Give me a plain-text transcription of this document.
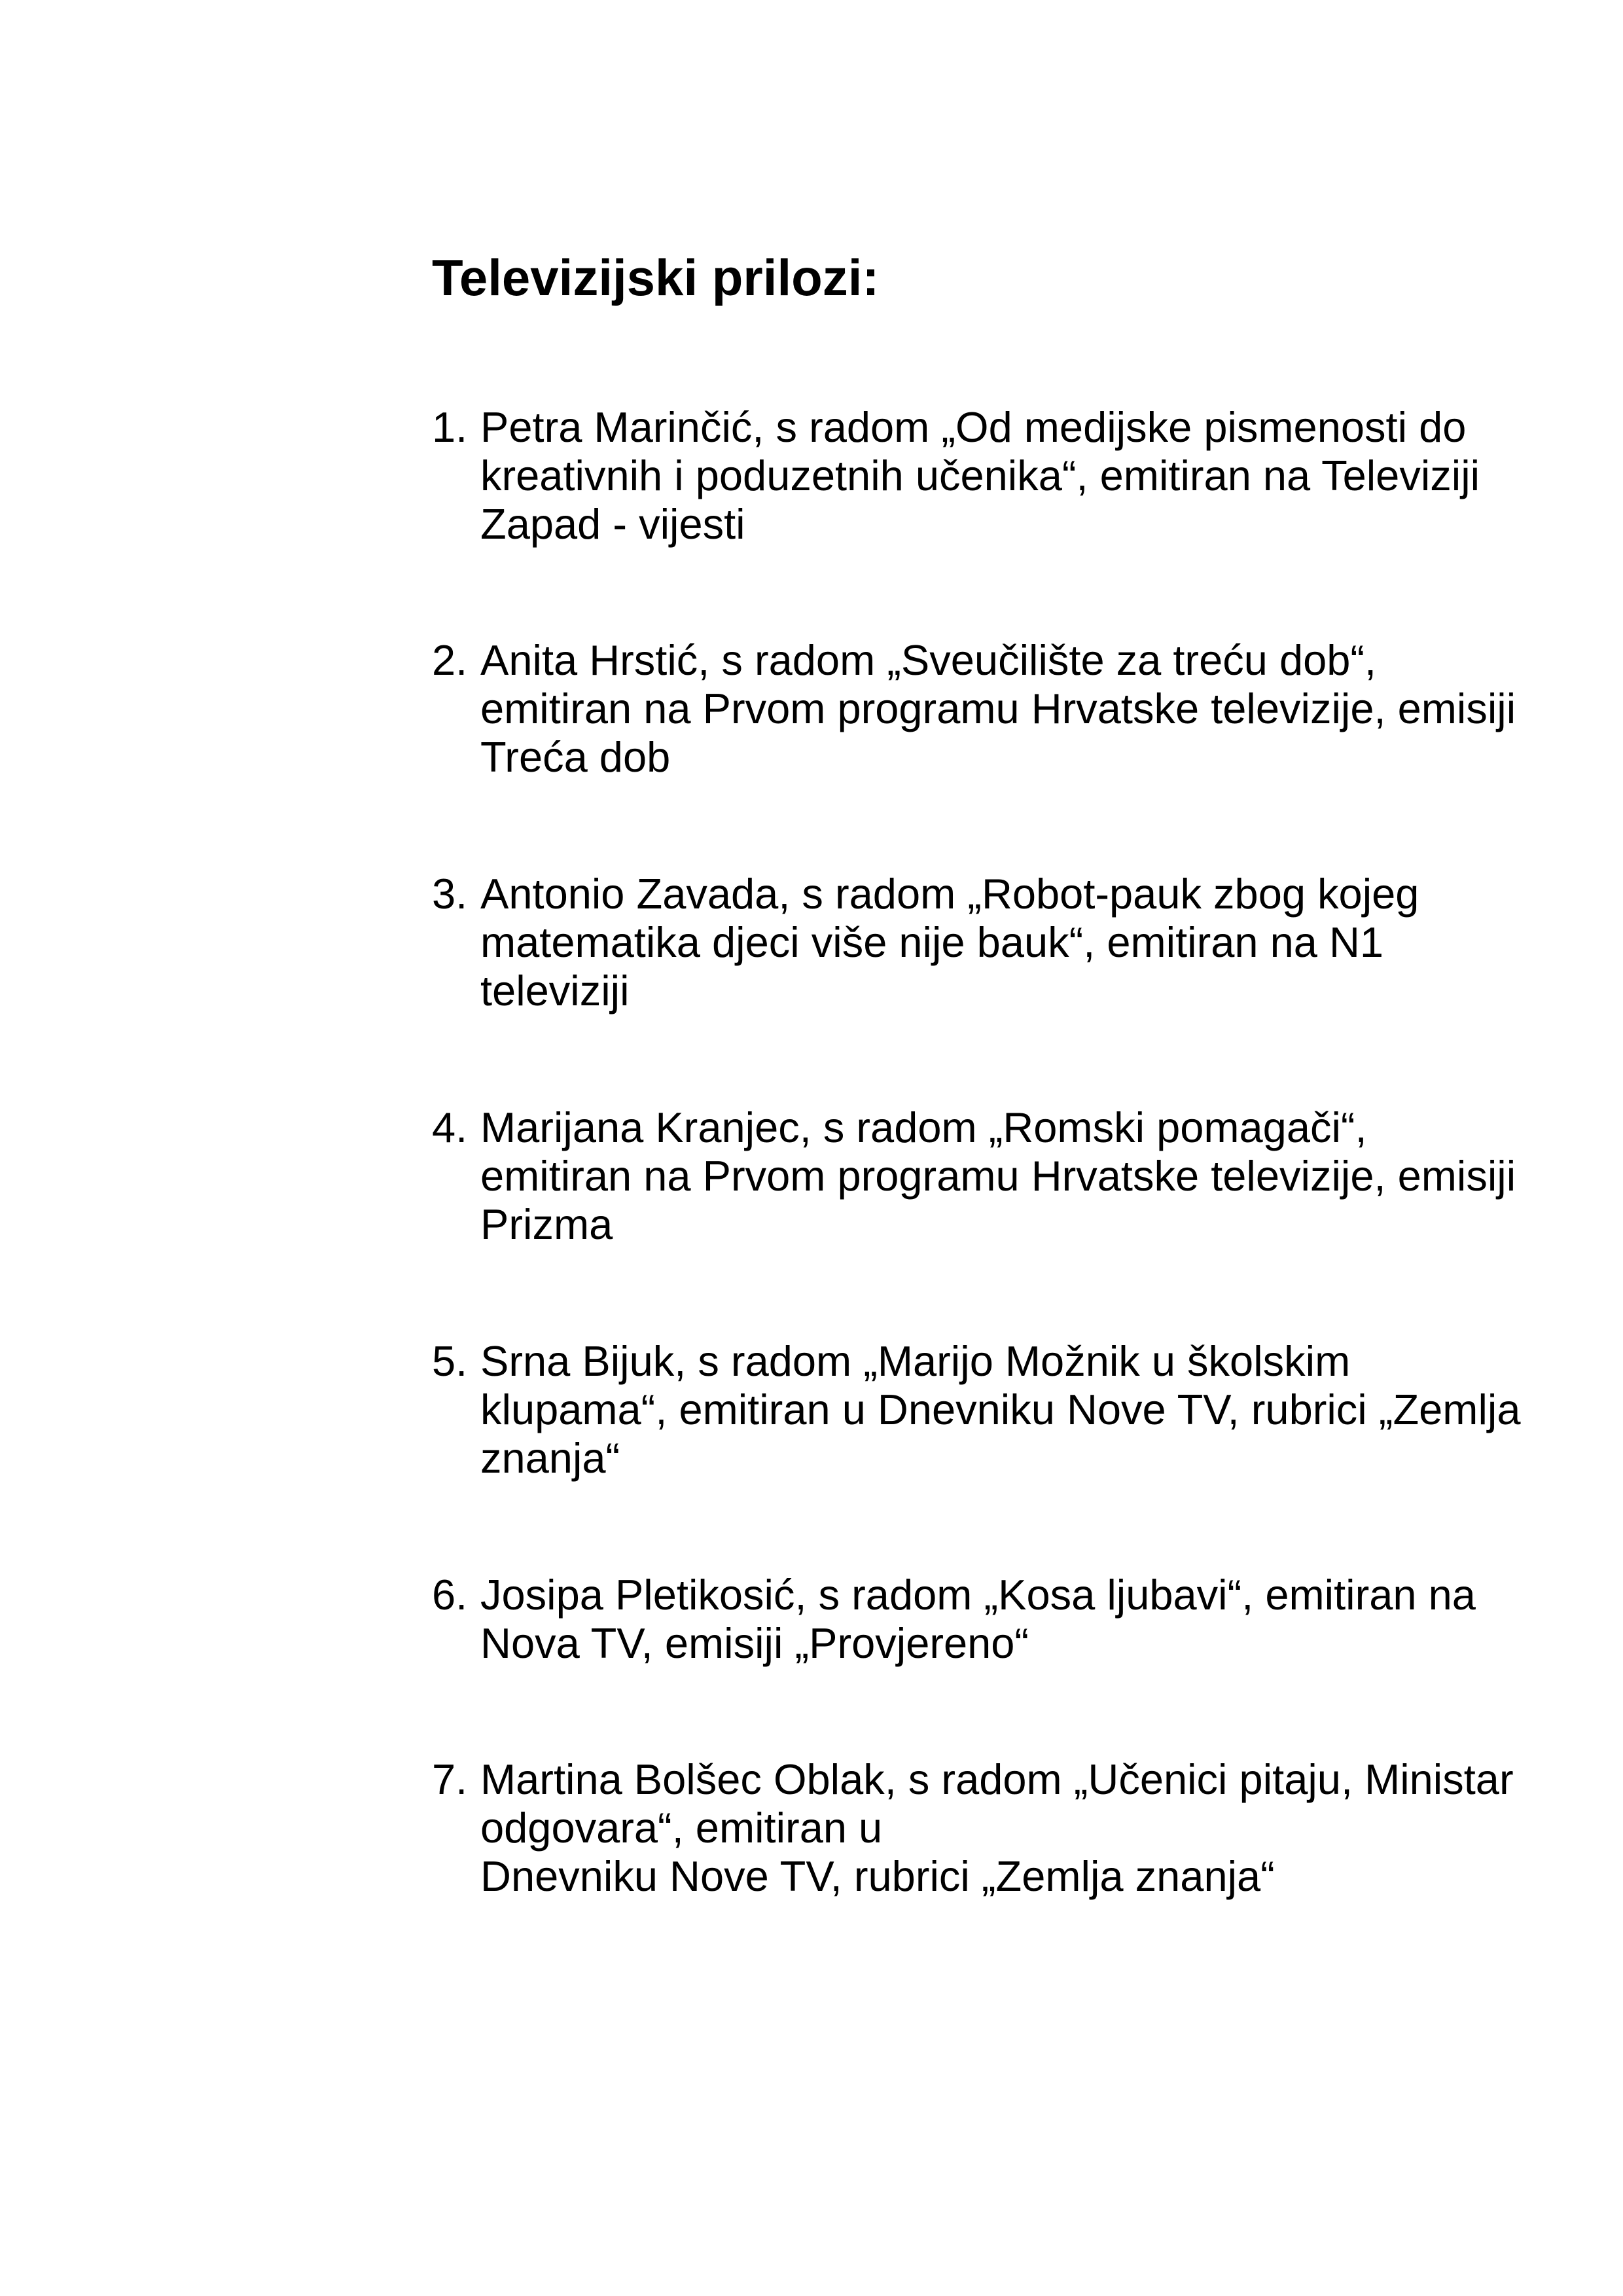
Televizijski prilozi:
1. Petra Marinčić, s radom „Od medijske pismenosti do
kreativnih i poduzetnih učenika“, emitiran na Televiziji
Zapad - vijesti
2. Anita Hrstić, s radom „Sveučilište za treću dob“,
emitiran na Prvom programu Hrvatske televizije, emisiji
Treća dob
3. Antonio Zavada, s radom „Robot-pauk zbog kojeg
matematika djeci više nije bauk“, emitiran na N1
televiziji
4. Marijana Kranjec, s radom „Romski pomagači“,
emitiran na Prvom programu Hrvatske televizije, emisiji
Prizma
5. Srna Bijuk, s radom „Marijo Možnik u školskim
klupama“, emitiran u Dnevniku Nove TV, rubrici „Zemlja
znanja“
6. Josipa Pletikosić, s radom „Kosa ljubavi“, emitiran na
Nova TV, emisiji „Provjereno“
7. Martina Bolšec Oblak, s radom „Učenici pitaju, Ministar
odgovara“, emitiran u
Dnevniku Nove TV, rubrici „Zemlja znanja“
